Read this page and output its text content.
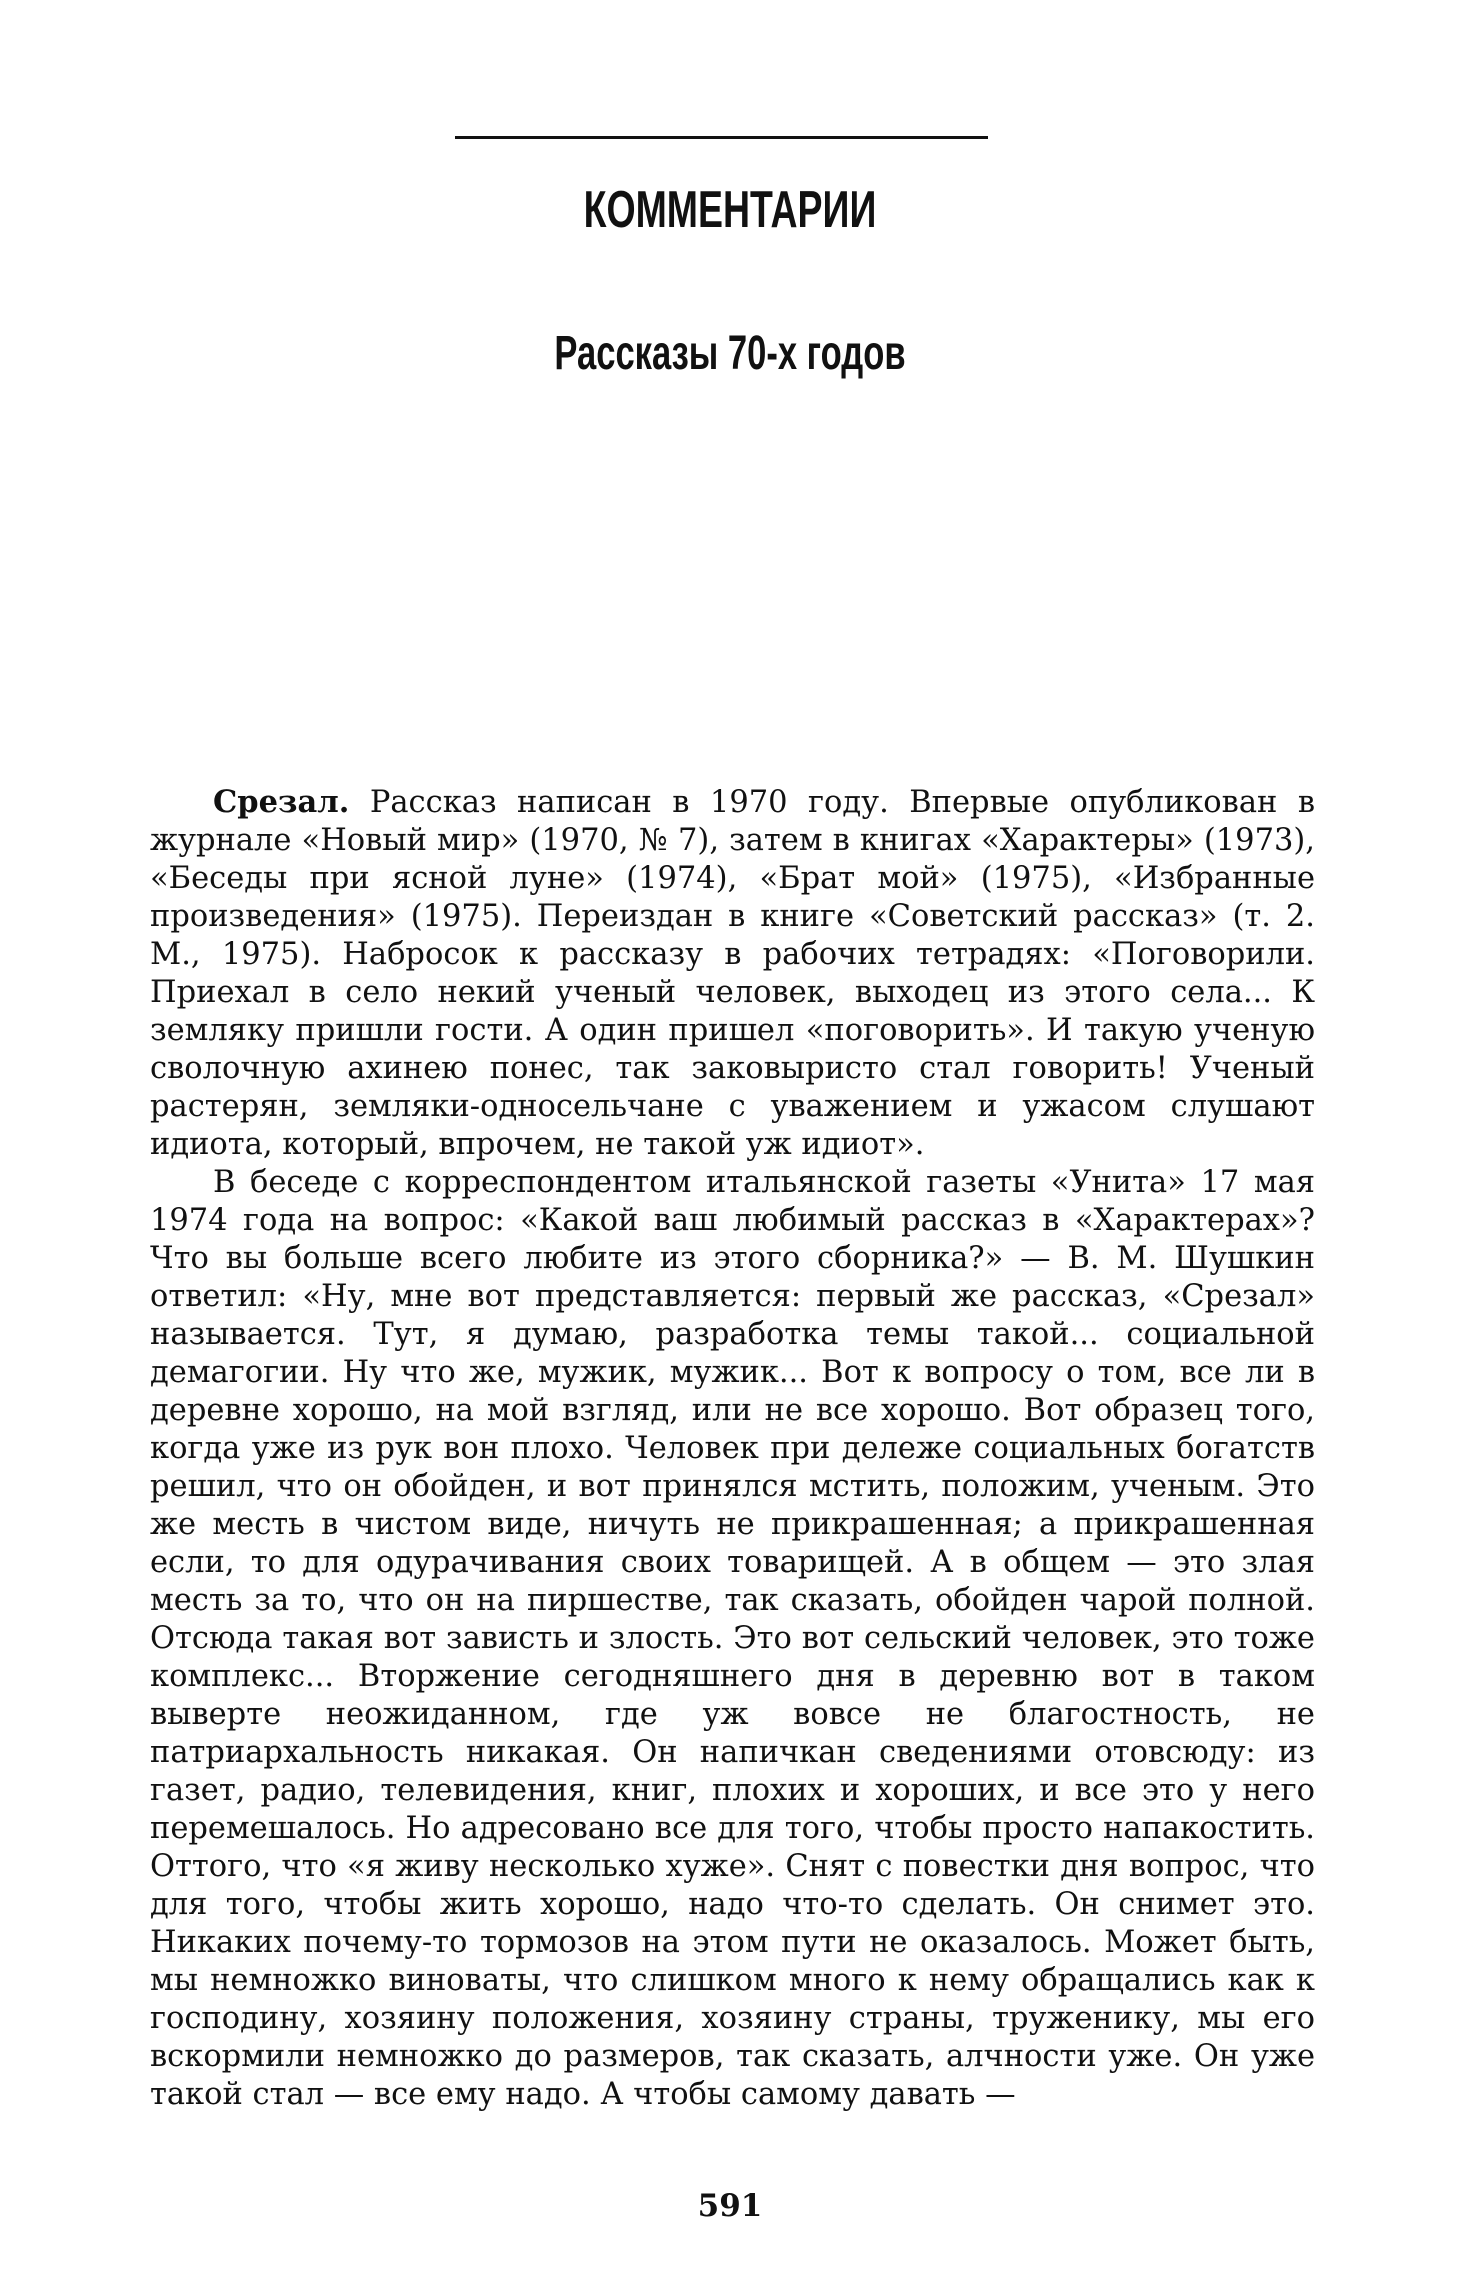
КОММЕНТАРИИ
Рассказы 70-х годов

Срезал. Рассказ написан в 1970 году. Впервые опубликован в журнале «Новый мир» (1970, № 7), затем в книгах «Характеры» (1973), «Беседы при ясной луне» (1974), «Брат мой» (1975), «Избранные произведения» (1975). Переиздан в книге «Советский рассказ» (т. 2. М., 1975). Набросок к рассказу в рабочих тетрадях: «Поговорили. Приехал в село некий ученый человек, выходец из этого села... К земляку пришли гости. А один пришел «поговорить». И такую ученую сволочную ахинею понес, так заковыристо стал говорить! Ученый растерян, земляки-односельчане с уважением и ужасом слушают идиота, который, впрочем, не такой уж идиот».

В беседе с корреспондентом итальянской газеты «Унита» 17 мая 1974 года на вопрос: «Какой ваш любимый рассказ в «Характерах»? Что вы больше всего любите из этого сборника?» — В. М. Шушкин ответил: «Ну, мне вот представляется: первый же рассказ, «Срезал» называется. Тут, я думаю, разработка темы такой... социальной демагогии. Ну что же, мужик, мужик... Вот к вопросу о том, все ли в деревне хорошо, на мой взгляд, или не все хорошо. Вот образец того, когда уже из рук вон плохо. Человек при дележе социальных богатств решил, что он обойден, и вот принялся мстить, положим, ученым. Это же месть в чистом виде, ничуть не прикрашенная; а прикрашенная если, то для одурачивания своих товарищей. А в общем — это злая месть за то, что он на пиршестве, так сказать, обойден чарой полной. Отсюда такая вот зависть и злость. Это вот сельский человек, это тоже комплекс... Вторжение сегодняшнего дня в деревню вот в таком выверте неожиданном, где уж вовсе не благостность, не патриархальность никакая. Он напичкан сведениями отовсюду: из газет, радио, телевидения, книг, плохих и хороших, и все это у него перемешалось. Но адресовано все для того, чтобы просто напакостить. Оттого, что «я живу несколько хуже». Снят с повестки дня вопрос, что для того, чтобы жить хорошо, надо что-то сделать. Он снимет это. Никаких почему-то тормозов на этом пути не оказалось. Может быть, мы немножко виноваты, что слишком много к нему обращались как к господину, хозяину положения, хозяину страны, труженику, мы его вскормили немножко до размеров, так сказать, алчности уже. Он уже такой стал — все ему надо. А чтобы самому давать —

591
